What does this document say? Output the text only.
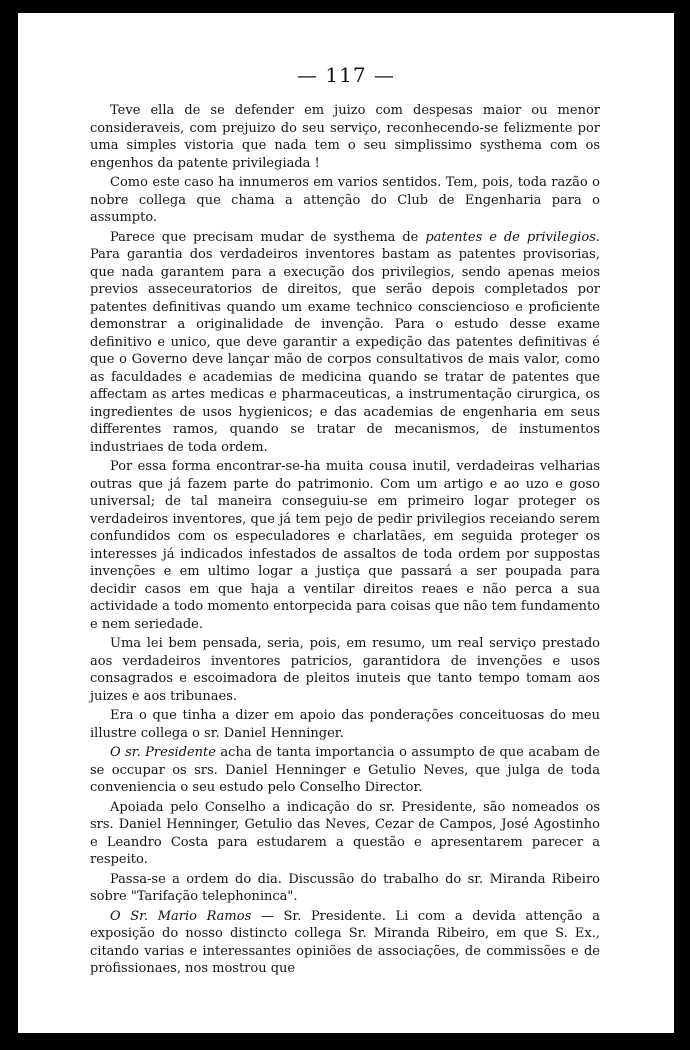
— 117 —

Teve ella de se defender em juizo com despesas maior ou menor consideraveis, com prejuizo do seu serviço, reconhecendo-se felizmente por uma simples vistoria que nada tem o seu simplissimo systhema com os engenhos da patente privilegiada !

Como este caso ha innumeros em varios sentidos. Tem, pois, toda razão o nobre collega que chama a attenção do Club de Engenharia para o assumpto.

Parece que precisam mudar de systhema de patentes e de privilegios. Para garantia dos verdadeiros inventores bastam as patentes provisorias, que nada garantem para a execução dos privilegios, sendo apenas meios previos asseceuratorios de direitos, que serão depois completados por patentes definitivas quando um exame technico consciencioso e proficiente demonstrar a originalidade de invenção. Para o estudo desse exame definitivo e unico, que deve garantir a expedição das patentes definitivas é que o Governo deve lançar mão de corpos consultativos de mais valor, como as faculdades e academias de medicina quando se tratar de patentes que affectam as artes medicas e pharmaceuticas, a instrumentação cirurgica, os ingredientes de usos hygienicos; e das academias de engenharia em seus differentes ramos, quando se tratar de mecanismos, de instumentos industriaes de toda ordem.

Por essa forma encontrar-se-ha muita cousa inutil, verdadeiras velharias outras que já fazem parte do patrimonio. Com um artigo e ao uzo e goso universal; de tal maneira conseguiu-se em primeiro logar proteger os verdadeiros inventores, que já tem pejo de pedir privilegios receiando serem confundidos com os especuladores e charlatães, em seguida proteger os interesses já indicados infestados de assaltos de toda ordem por suppostas invenções e em ultimo logar a justiça que passará a ser poupada para decidir casos em que haja a ventilar direitos reaes e não perca a sua actividade a todo momento entorpecida para coisas que não tem fundamento e nem seriedade.

Uma lei bem pensada, seria, pois, em resumo, um real serviço prestado aos verdadeiros inventores patricios, garantidora de invenções e usos consagrados e escoimadora de pleitos inuteis que tanto tempo tomam aos juizes e aos tribunaes.

Era o que tinha a dizer em apoio das ponderações conceituosas do meu illustre collega o sr. Daniel Henninger.

O sr. Presidente acha de tanta importancia o assumpto de que acabam de se occupar os srs. Daniel Henninger e Getulio Neves, que julga de toda conveniencia o seu estudo pelo Conselho Director.

Apoiada pelo Conselho a indicação do sr. Presidente, são nomeados os srs. Daniel Henninger, Getulio das Neves, Cezar de Campos, José Agostinho e Leandro Costa para estudarem a questão e apresentarem parecer a respeito.

Passa-se a ordem do dia. Discussão do trabalho do sr. Miranda Ribeiro sobre "Tarifação telephoninca".

O Sr. Mario Ramos — Sr. Presidente. Li com a devida attenção a exposição do nosso distincto collega Sr. Miranda Ribeiro, em que S. Ex., citando varias e interessantes opiniões de associações, de commissões e de profissionaes, nos mostrou que
